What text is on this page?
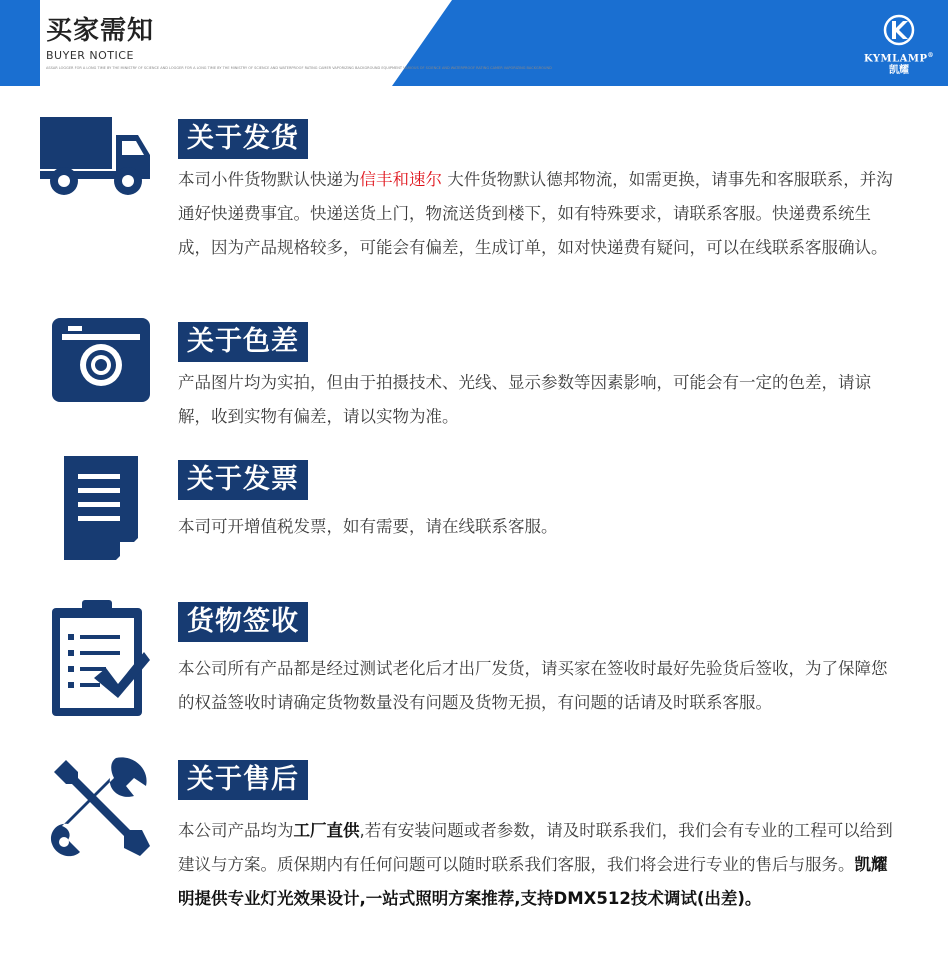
买家需知
BUYER NOTICE
ASSAR LOGGER FOR A LONG TIME BY THE MINISTRY OF SCIENCE AND LOGGER FOR A LONG TIME BY THE MINISTRY OF SCIENCE AND WATERPROOF RATING CAMER VAPORIZING BACKGROUND EQUIPMENT VARIOUS OF SCIENCE AND WATERPROOF RATING CAMER VAPORIZING BACKGROUND
KYMLAMP®
凯耀
关于发货
本司小件货物默认快递为信丰和速尔 大件货物默认德邦物流，如需更换，请事先和客服联系，并沟通好快递费事宜。快递送货上门，物流送货到楼下，如有特殊要求，请联系客服。快递费系统生成，因为产品规格较多，可能会有偏差，生成订单，如对快递费有疑问，可以在线联系客服确认。
关于色差
产品图片均为实拍，但由于拍摄技术、光线、显示参数等因素影响，可能会有一定的色差，请谅解，收到实物有偏差，请以实物为准。
关于发票
本司可开增值税发票，如有需要，请在线联系客服。
货物签收
本公司所有产品都是经过测试老化后才出厂发货，请买家在签收时最好先验货后签收，为了保障您的权益签收时请确定货物数量没有问题及货物无损，有问题的话请及时联系客服。
关于售后
本公司产品均为工厂直供,若有安装问题或者参数，请及时联系我们，我们会有专业的工程可以给到建议与方案。质保期内有任何问题可以随时联系我们客服，我们将会进行专业的售后与服务。凯耀明提供专业灯光效果设计,一站式照明方案推荐,支持DMX512技术调试(出差)。
